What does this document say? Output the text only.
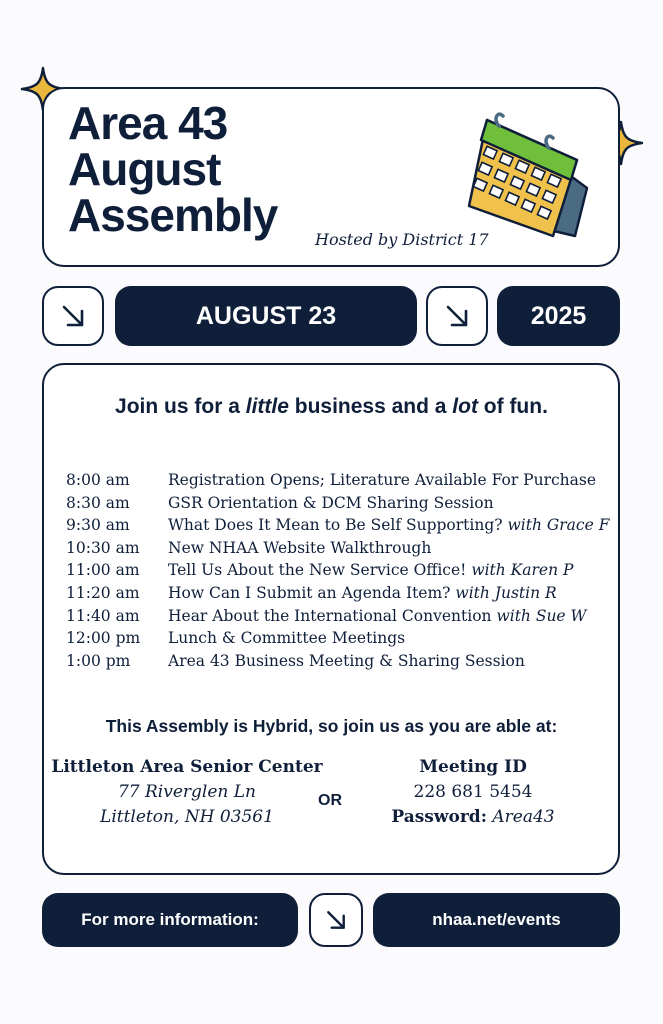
Area 43
August
Assembly Hosted by District 17
AUGUST 23	2025
Join us for a little business and a lot of fun.
8:00 am	Registration Opens; Literature Available For Purchase
8:30 am	GSR Orientation & DCM Sharing Session
9:30 am	What Does It Mean to Be Self Supporting?
with Grace F
10:30 am	New NHAA Website Walkthrough
11:00 am	Tell Us About the New Service Office!
with Karen P
11:20 am	How Can I Submit an Agenda Item?
with Justin R
11:40 am	Hear About the International Convention
with Sue W
12:00 pm	Lunch & Committee Meetings
1:00 pm	Area 43 Business Meeting & Sharing Session
This Assembly is Hybrid, so join us as you are able at:
Littleton Area Senior Center
77 Riverglen Ln
Littleton, NH 03561
OR
Meeting ID
228 681 5454
Password: Area43
For more information:	nhaa.net/events
